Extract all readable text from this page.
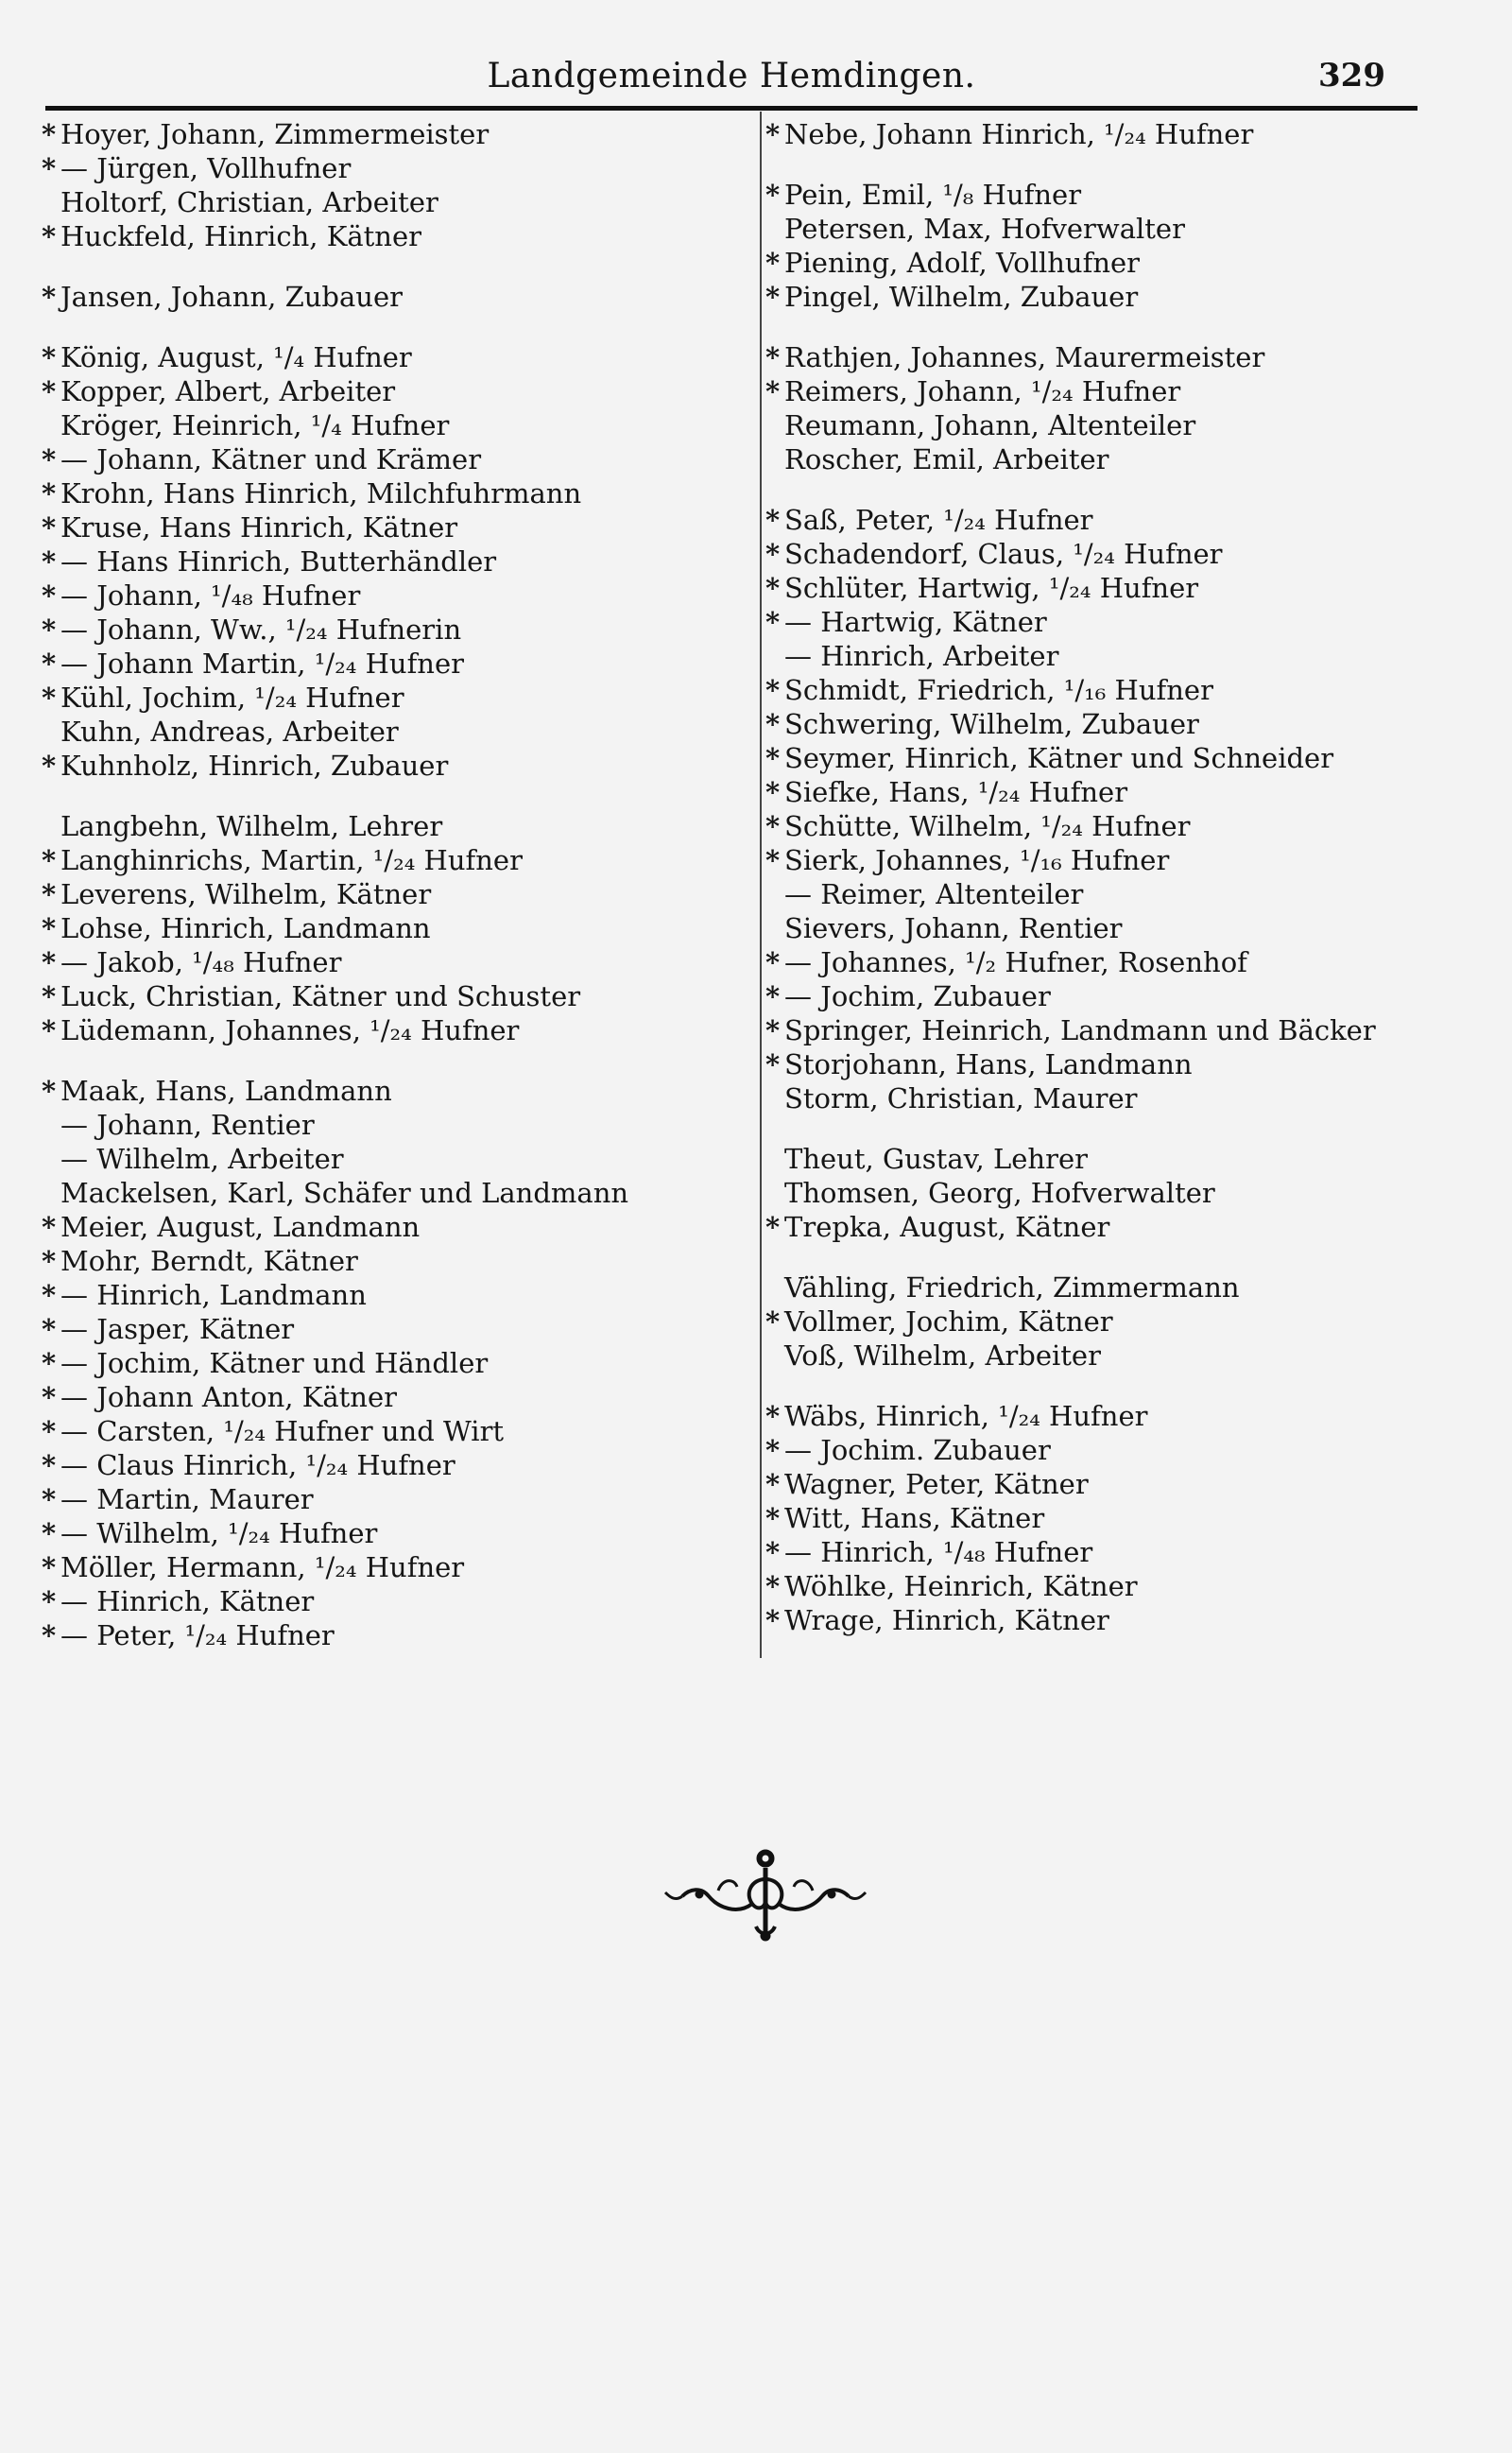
Landgemeinde Hemdingen.	329
* Hoyer, Johann, Zimmermeister
* — Jürgen, Vollhufner
Holtorf, Christian, Arbeiter
* Huckfeld, Hinrich, Kätner
* Jansen, Johann, Zubauer
* König, August, ¹/₄ Hufner
* Kopper, Albert, Arbeiter
Kröger, Heinrich, ¹/₄ Hufner
* — Johann, Kätner und Krämer
* Krohn, Hans Hinrich, Milchfuhrmann
* Kruse, Hans Hinrich, Kätner
* — Hans Hinrich, Butterhändler
* — Johann, ¹/₄₈ Hufner
* — Johann, Ww., ¹/₂₄ Hufnerin
* — Johann Martin, ¹/₂₄ Hufner
* Kühl, Jochim, ¹/₂₄ Hufner
Kuhn, Andreas, Arbeiter
* Kuhnholz, Hinrich, Zubauer
Langbehn, Wilhelm, Lehrer
* Langhinrichs, Martin, ¹/₂₄ Hufner
* Leverens, Wilhelm, Kätner
* Lohse, Hinrich, Landmann
* — Jakob, ¹/₄₈ Hufner
* Luck, Christian, Kätner und Schuster
* Lüdemann, Johannes, ¹/₂₄ Hufner
* Maak, Hans, Landmann
— Johann, Rentier
— Wilhelm, Arbeiter
Mackelsen, Karl, Schäfer und Landmann
* Meier, August, Landmann
* Mohr, Berndt, Kätner
* — Hinrich, Landmann
* — Jasper, Kätner
* — Jochim, Kätner und Händler
* — Johann Anton, Kätner
* — Carsten, ¹/₂₄ Hufner und Wirt
* — Claus Hinrich, ¹/₂₄ Hufner
* — Martin, Maurer
* — Wilhelm, ¹/₂₄ Hufner
* Möller, Hermann, ¹/₂₄ Hufner
* — Hinrich, Kätner
* — Peter, ¹/₂₄ Hufner
* Nebe, Johann Hinrich, ¹/₂₄ Hufner
* Pein, Emil, ¹/₈ Hufner
Petersen, Max, Hofverwalter
* Piening, Adolf, Vollhufner
* Pingel, Wilhelm, Zubauer
* Rathjen, Johannes, Maurermeister
* Reimers, Johann, ¹/₂₄ Hufner
Reumann, Johann, Altenteiler
Roscher, Emil, Arbeiter
* Saß, Peter, ¹/₂₄ Hufner
* Schadendorf, Claus, ¹/₂₄ Hufner
* Schlüter, Hartwig, ¹/₂₄ Hufner
* — Hartwig, Kätner
— Hinrich, Arbeiter
* Schmidt, Friedrich, ¹/₁₆ Hufner
* Schwering, Wilhelm, Zubauer
* Seymer, Hinrich, Kätner und Schneider
* Siefke, Hans, ¹/₂₄ Hufner
* Schütte, Wilhelm, ¹/₂₄ Hufner
* Sierk, Johannes, ¹/₁₆ Hufner
— Reimer, Altenteiler
Sievers, Johann, Rentier
* — Johannes, ¹/₂ Hufner, Rosenhof
* — Jochim, Zubauer
* Springer, Heinrich, Landmann und Bäcker
* Storjohann, Hans, Landmann
Storm, Christian, Maurer
Theut, Gustav, Lehrer
Thomsen, Georg, Hofverwalter
* Trepka, August, Kätner
Vähling, Friedrich, Zimmermann
* Vollmer, Jochim, Kätner
Voß, Wilhelm, Arbeiter
* Wäbs, Hinrich, ¹/₂₄ Hufner
* — Jochim. Zubauer
* Wagner, Peter, Kätner
* Witt, Hans, Kätner
* — Hinrich, ¹/₄₈ Hufner
* Wöhlke, Heinrich, Kätner
* Wrage, Hinrich, Kätner
